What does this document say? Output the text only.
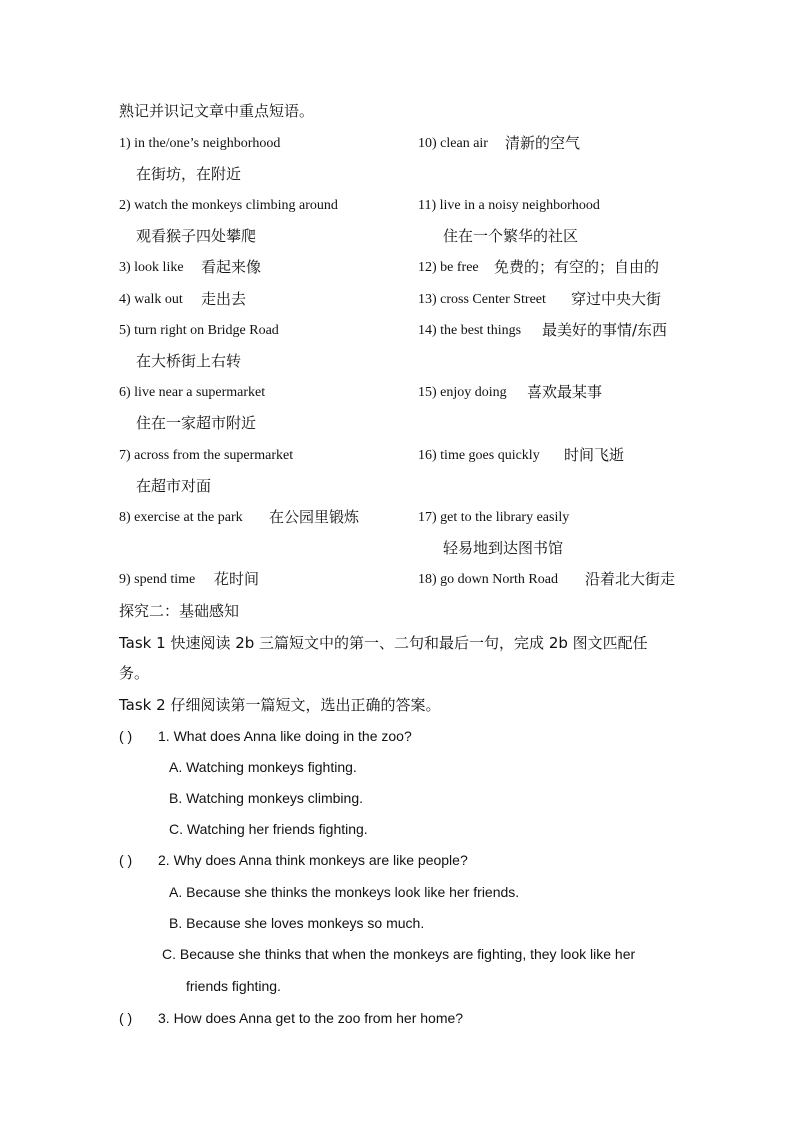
熟记并识记文章中重点短语。
1) in the/one’s neighborhood
在街坊，在附近
2) watch the monkeys climbing around
观看猴子四处攀爬
3) look like 看起来像
4) walk out 走出去
5) turn right on Bridge Road
在大桥街上右转
6) live near a supermarket
住在一家超市附近
7) across from the supermarket
在超市对面
8) exercise at the park 在公园里锻炼
9) spend time 花时间
10) clean air 清新的空气
11) live in a noisy neighborhood
住在一个繁华的社区
12) be free 免费的；有空的；自由的
13) cross Center Street 穿过中央大街
14) the best things 最美好的事情/东西
15) enjoy doing 喜欢最某事
16) time goes quickly 时间飞逝
17) get to the library easily
轻易地到达图书馆
18) go down North Road 沿着北大街走
探究二：基础感知
Task 1 快速阅读 2b 三篇短文中的第一、二句和最后一句，完成 2b 图文匹配任
务。
Task 2 仔细阅读第一篇短文，选出正确的答案。
( ) 1. What does Anna like doing in the zoo?
A. Watching monkeys fighting.
B. Watching monkeys climbing.
C. Watching her friends fighting.
( ) 2. Why does Anna think monkeys are like people?
A. Because she thinks the monkeys look like her friends.
B. Because she loves monkeys so much.
C. Because she thinks that when the monkeys are fighting, they look like her
friends fighting.
( ) 3. How does Anna get to the zoo from her home?
